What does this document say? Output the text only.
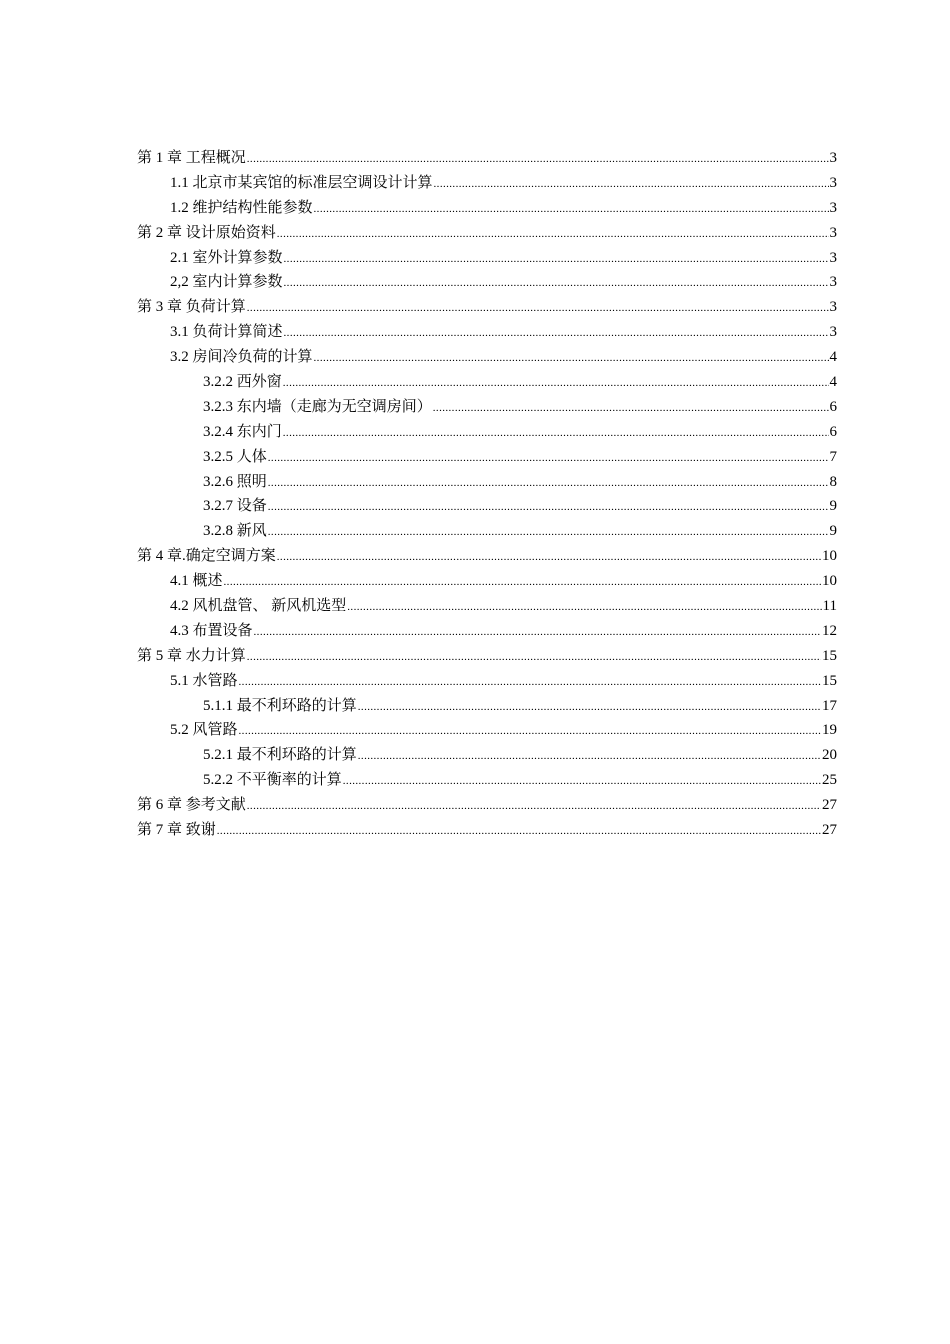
第 1 章 工程概况 .....	3
1.1 北京市某宾馆的标准层空调设计计算 .....	3
1.2 维护结构性能参数 .....	3
第 2 章 设计原始资料 .....	3
2.1 室外计算参数 .....	3
2,2 室内计算参数 .....	3
第 3 章 负荷计算 .....	3
3.1 负荷计算简述 .....	3
3.2 房间冷负荷的计算 .....	4
3.2.2 西外窗 .....	4
3.2.3 东内墙（走廊为无空调房间） .....	6
3.2.4 东内门 .....	6
3.2.5 人体 .....	7
3.2.6 照明 .....	8
3.2.7 设备 .....	9
3.2.8 新风 .....	9
第 4 章.确定空调方案 .....	10
4.1 概述 .....	10
4.2 风机盘管、 新风机选型 .....	11
4.3 布置设备 .....	12
第 5 章 水力计算 .....	15
5.1 水管路 .....	15
5.1.1 最不利环路的计算 .....	17
5.2 风管路 .....	19
5.2.1 最不利环路的计算 .....	20
5.2.2 不平衡率的计算 .....	25
第 6 章 参考文献 .....	27
第 7 章 致谢 .....	27
